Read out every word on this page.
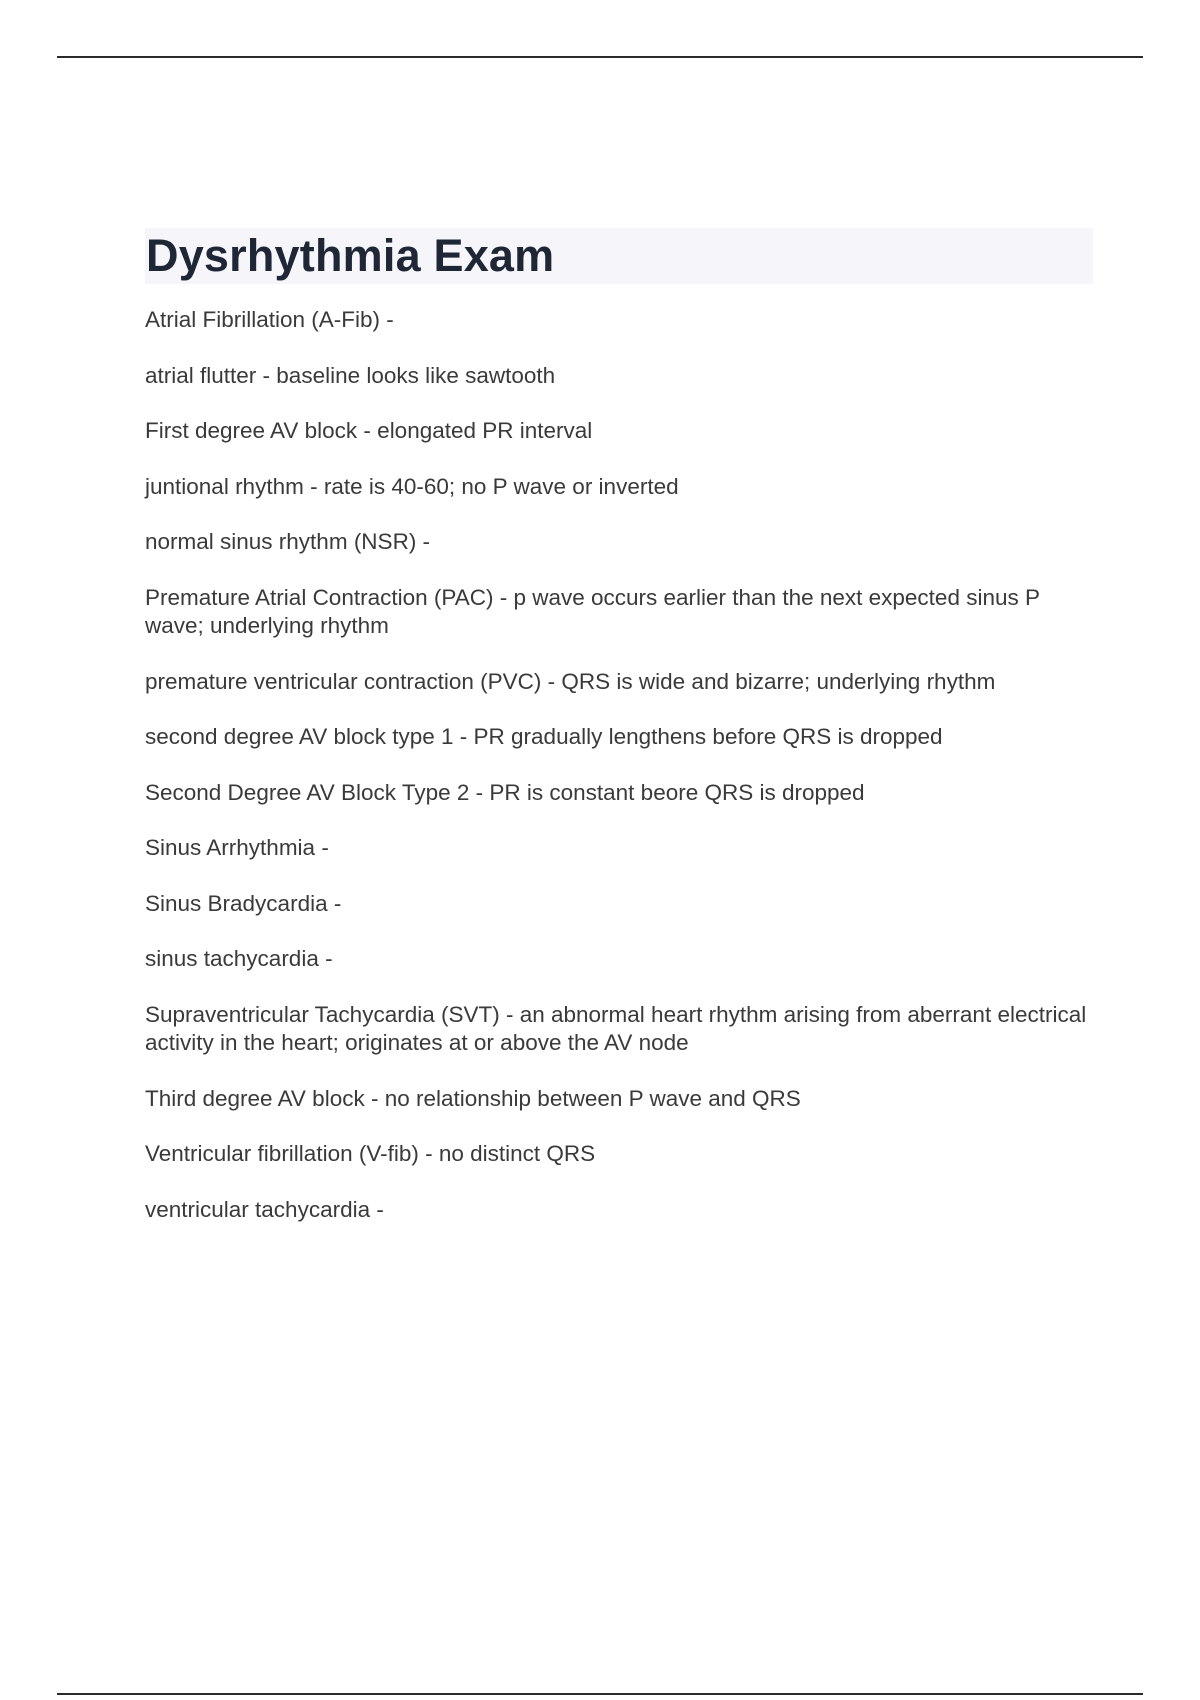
Dysrhythmia Exam
Atrial Fibrillation (A-Fib) -
atrial flutter - baseline looks like sawtooth
First degree AV block - elongated PR interval
juntional rhythm - rate is 40-60; no P wave or inverted
normal sinus rhythm (NSR) -
Premature Atrial Contraction (PAC) - p wave occurs earlier than the next expected sinus P wave; underlying rhythm
premature ventricular contraction (PVC) - QRS is wide and bizarre; underlying rhythm
second degree AV block type 1 - PR gradually lengthens before QRS is dropped
Second Degree AV Block Type 2 - PR is constant beore QRS is dropped
Sinus Arrhythmia -
Sinus Bradycardia -
sinus tachycardia -
Supraventricular Tachycardia (SVT) - an abnormal heart rhythm arising from aberrant electrical activity in the heart; originates at or above the AV node
Third degree AV block - no relationship between P wave and QRS
Ventricular fibrillation (V-fib) - no distinct QRS
ventricular tachycardia -
